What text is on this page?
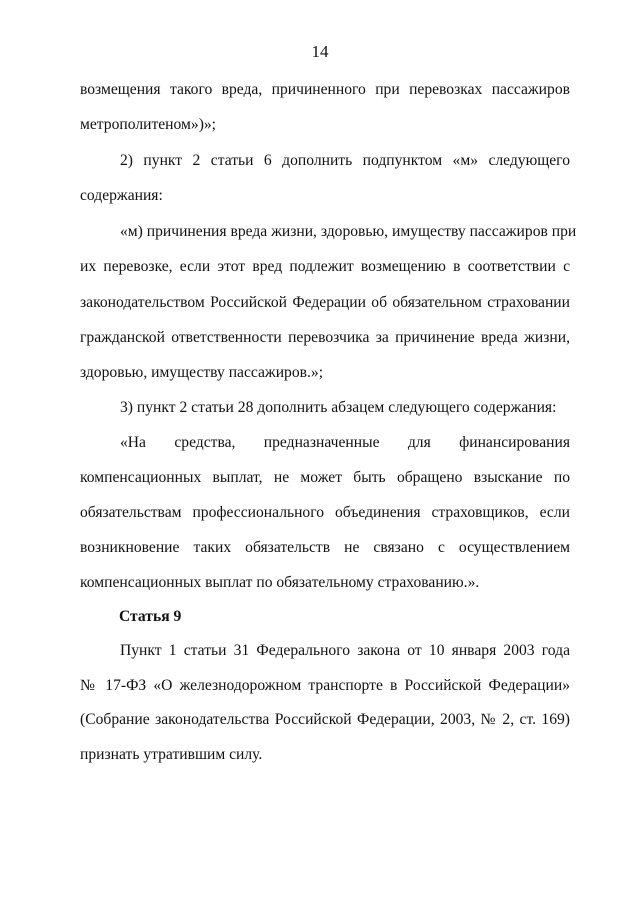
14
возмещения такого вреда, причиненного при перевозках пассажиров
метрополитеном»)»;
2) пункт 2 статьи 6 дополнить подпунктом «м» следующего
содержания:
«м) причинения вреда жизни, здоровью, имуществу пассажиров при
их перевозке, если этот вред подлежит возмещению в соответствии с
законодательством Российской Федерации об обязательном страховании
гражданской ответственности перевозчика за причинение вреда жизни,
здоровью, имуществу пассажиров.»;
3) пункт 2 статьи 28 дополнить абзацем следующего содержания:
«На средства, предназначенные для финансирования
компенсационных выплат, не может быть обращено взыскание по
обязательствам профессионального объединения страховщиков, если
возникновение таких обязательств не связано с осуществлением
компенсационных выплат по обязательному страхованию.».
Статья 9
Пункт 1 статьи 31 Федерального закона от 10 января 2003 года
№ 17-ФЗ «О железнодорожном транспорте в Российской Федерации»
(Собрание законодательства Российской Федерации, 2003, № 2, ст. 169)
признать утратившим силу.
